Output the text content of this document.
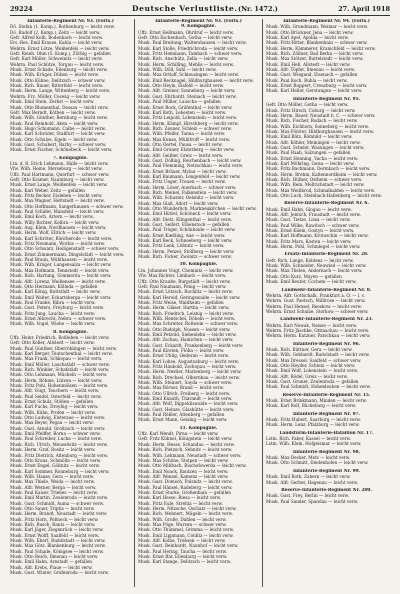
29224	Deutsche Verlustliste. (Nr. 1472.)	27. April 1918
Infanterie-Regiment Nr. 93. (Forts.)
Dö. Stefan (1. Komp.), Rothenburg — leicht verw.
Dö. Rudolf (2. Komp.), Zeitz — leicht verw.
Gefr. Alfred Kolb, Bodenbach — leicht verw.
Ers.-Res. Emil Krause, Kahla — leicht verw.
Wehrm. Ernst Lötze, Weißenfels — leicht verw.
Gefr. Reinh. Ohm (5. Komp.), Zörbig — gefallen
Gefr. Karl Müller, Schweinitz — leicht verw.
Wehrm. Paul Schütze, Torgau — leicht verw.
Musk. Ernst Schade, Eilenburg — leicht verw.
Musk. Wilh. Krüger, Düben — leicht verw.
Musk. Otto Kühne, Delitzsch — schwer verw.
Musk. Rich. Bauer, Bitterfeld — leicht verw.
Musk. Herm. Lange, Wittenberg — leicht verw.
Wehrm. Frz. Möller, Coswig — leicht verw.
Musk. Emil Stein, Zerbst — leicht verw.
Musk. Otto Blumenthal, Dessau — leicht verw.
Gefr. Max Berndt, Köthen — leicht verw.
Musk. Wilh. Günther, Bernburg — leicht verw.
Musk. Paul Reinhold, Aken — leicht verw.
Musk. Hugo Schumann, Calbe — leicht verw.
Musk. Karl Schröder, Staßfurt — leicht verw.
Musk. Otto Schulze, Egeln — leicht verw.
Musk. Gust. Schubert, Barby — schwer verw.
Musk. Ernst Fischer, Schönebeck — leicht verw.
7. Kompagnie.
Ltn. d. R. Erich Lehmann, Halle — leicht verw.
Vfw. Wilh. Heine, Merseburg — leicht verw.
Uffz. Paul Hartmann, Querfurt — schwer verw.
Gefr. Otto Kramer, Naumburg — leicht verw.
Musk. Ernst Lange, Weißenfels — leicht verw.
Musk. Karl Weber, Zeitz — gefallen
Musk. Fritz Becker, Eisleben — leicht verw.
Musk. Max Wagner, Hettstedt — leicht verw.
Musk. Otto Hoffmann, Sangerhausen — schwer verw.
Musk. Paul Schäfer, Mansfeld — leicht verw.
Musk. Emil Koch, Artern — leicht verw.
Musk. Willy Richter, Kelbra — leicht verw.
Musk. Aug. Klein, Nordhausen — leicht verw.
Musk. Herm. Wolf, Ellrich — leicht verw.
Musk. Karl Schröter, Bleicherode — leicht verw.
Musk. Fritz Neumann, Worbis — leicht verw.
Musk. Otto Schwarz, Heiligenstadt — schwer verw.
Musk. Ernst Zimmermann, Dingelstädt — leicht verw.
Musk. Paul Braun, Mühlhausen — leicht verw.
Musk. Wilh. Krüger, Langensalza — leicht verw.
Musk. Max Hofmann, Tennstedt — leicht verw.
Musk. Rich. Hartung, Sömmerda — leicht verw.
Musk. Alfr. Lorenz, Weißensee — leicht verw.
Musk. Otto Hermann, Kölleda — gefallen
Musk. Karl König, Buttstädt — leicht verw.
Musk. Emil Walter, Eckartsberga — leicht verw.
Musk. Paul Franke, Bibra — leicht verw.
Musk. Gust. Peters, Freyburg — leicht verw.
Musk. Fritz Jung, Laucha — leicht verw.
Musk. Ernst Albrecht, Nebra — schwer verw.
Musk. Wilh. Vogel, Wiehe — leicht verw.
8. Kompagnie.
Uffz. Heinr. Friedrich, Roßleben — leicht verw.
Gefr. Otto Keller, Allstedt — leicht verw.
Musk. Paul Günther, Oberröblingen — leicht verw.
Musk. Karl Berger, Teutschenthal — leicht verw.
Musk. Max Frank, Schkopau — leicht verw.
Musk. Emil Möller, Lauchstädt — schwer verw.
Musk. Rich. Winkler, Schafstädt — leicht verw.
Musk. Otto Lehmann, Mücheln — leicht verw.
Musk. Herm. Böhme, Lützen — leicht verw.
Musk. Fritz Pohl, Hohenmölsen — leicht verw.
Musk. Alfr. Voigt, Teuchern — leicht verw.
Musk. Paul Seidel, Osterfeld — leicht verw.
Musk. Ernst Schulz, Stößen — gefallen
Musk. Karl Fuchs, Droyßig — leicht verw.
Musk. Wilh. Kühn, Profen — leicht verw.
Musk. Otto Ludwig, Elsteraue — leicht verw.
Musk. Max Beyer, Pegau — leicht verw.
Musk. Gust. Arnold, Groitzsch — leicht verw.
Musk. Emil Pfeiffer, Borna — schwer verw.
Musk. Paul Schreiber, Lucka — leicht verw.
Musk. Rich. Ulrich, Meuselwitz — leicht verw.
Musk. Herm. Graf, Rositz — leicht verw.
Musk. Fritz Dietrich, Altenburg — leicht verw.
Musk. Otto Kraus, Schmölln — leicht verw.
Musk. Ernst Engel, Gößnitz — leicht verw.
Musk. Karl Sommer, Ronneburg — leicht verw.
Musk. Wilh. Haase, Gera — leicht verw.
Musk. Max Thiele, Weida — leicht verw.
Musk. Alfr. Werner, Berga — leicht verw.
Musk. Paul Kaiser, Triebes — leicht verw.
Musk. Emil Martin, Zeulenroda — leicht verw.
Musk. Gust. Schmidt, Auma — schwer verw.
Musk. Otto Sauer, Triptis — leicht verw.
Musk. Herm. Brandt, Neustadt — leicht verw.
Musk. Fritz Horn, Pößneck — leicht verw.
Musk. Rich. Busch, Ranis — leicht verw.
Musk. Karl Jäger, Ziegenrück — leicht verw.
Musk. Ernst Wolff, Saalfeld — leicht verw.
Musk. Wilh. Ebert, Rudolstadt — leicht verw.
Musk. Max Götz, Blankenburg — leicht verw.
Musk. Paul Schade, Königsee — leicht verw.
Musk. Otto Reich, Ilmenau — leicht verw.
Musk. Emil Hahn, Arnstadt — gefallen
Musk. Alfr. Krebs, Plaue — leicht verw.
Musk. Gust. Winter, Gräfenroda — leicht verw.
Infanterie-Regiment Nr. 93. (Forts.)
9. Kompagnie.
Uffz. Ernst Hellmann, Ohrdruf — leicht verw.
Gefr. Otto Eschenbach, Gotha — leicht verw.
Musk. Paul Breitung, Waltershausen — leicht verw.
Musk. Karl Stolle, Friedrichroda — leicht verw.
Musk. Fritz Hemmann, Tambach — schwer verw.
Musk. Rich. Anschütz, Zella — leicht verw.
Musk. Herm. Schilling, Mehlis — leicht verw.
Musk. Wilh. Döll, Suhl — leicht verw.
Musk. Max Ortloff, Schleusingen — leicht verw.
Musk. Emil Recknagel, Hildburghausen — leicht verw.
Musk. Otto Heym, Eisfeld — leicht verw.
Musk. Alfr. Greiner, Sonneberg — leicht verw.
Musk. Gust. Ehrhardt, Steinach — leicht verw.
Musk. Paul Müller, Lauscha — gefallen
Musk. Ernst Bock, Gräfenthal — leicht verw.
Musk. Karl Roth, Lehesten — leicht verw.
Musk. Fritz Leipold, Lobenstein — leicht verw.
Musk. Herm. Kämpf, Hirschberg — leicht verw.
Musk. Rich. Zeuner, Schleiz — schwer verw.
Musk. Wilh. Pfeifer, Tanna — leicht verw.
Musk. Max Kunze, Mühltroff — leicht verw.
Musk. Otto Oertel, Pausa — leicht verw.
Musk. Emil Gruner, Elsterberg — leicht verw.
Musk. Alfr. Geißler, Greiz — leicht verw.
Musk. Gust. Dölling, Reichenbach — leicht verw.
Musk. Paul Flemming, Netzschkau — leicht verw.
Musk. Ernst Bräuer, Mylau — leicht verw.
Musk. Karl Baumann, Lengenfeld — leicht verw.
Musk. Fritz Unger, Treuen — leicht verw.
Musk. Herm. Löser, Auerbach — schwer verw.
Musk. Rich. Meinel, Falkenstein — leicht verw.
Musk. Wilh. Schuster, Oelsnitz — leicht verw.
Musk. Max Glaß, Adorf — leicht verw.
Musk. Otto Wunderlich, Markneukirchen — leicht verw.
Musk. Emil Hüttel, Schöneck — leicht verw.
Musk. Alfr. Dietz, Klingenthal — leicht verw.
Musk. Gust. Seifert, Eibenstock — gefallen
Musk. Paul Tröger, Schönheide — leicht verw.
Musk. Ernst Kießling, Aue — leicht verw.
Musk. Karl Beck, Schneeberg — leicht verw.
Musk. Fritz Lenk, Lößnitz — leicht verw.
Musk. Herm. Penzel, Stollberg — leicht verw.
Musk. Rich. Ficker, Zwönitz — schwer verw.
10. Kompagnie.
Ltn. Johannes Voigt, Chemnitz — leicht verw.
Vfw. Max Richter, Limbach — leicht verw.
Uffz. Otto Krauße, Burgstädt — leicht verw.
Gefr. Paul Naumann, Penig — leicht verw.
Musk. Ernst Lötzsch, Rochlitz — leicht verw.
Musk. Karl Herold, Geringswalde — leicht verw.
Musk. Fritz Weise, Waldheim — gefallen
Musk. Herm. Gläser, Hartha — leicht verw.
Musk. Rich. Friedrich, Leisnig — leicht verw.
Musk. Wilh. Hentschel, Döbeln — leicht verw.
Musk. Max Schreiter, Roßwein — schwer verw.
Musk. Otto Rudolph, Nossen — leicht verw.
Musk. Emil Petzold, Siebenlehn — leicht verw.
Musk. Alfr. Zschau, Hainichen — leicht verw.
Musk. Gust. Eckardt, Frankenberg — leicht verw.
Musk. Paul Kirsten, Flöha — leicht verw.
Musk. Ernst Uhlig, Oederan — leicht verw.
Musk. Karl Lohse, Augustusburg — leicht verw.
Musk. Fritz Haubold, Zschopau — leicht verw.
Musk. Herm. Nestler, Marienberg — leicht verw.
Musk. Rich. Drechsel, Olbernhau — leicht verw.
Musk. Wilh. Steinert, Sayda — schwer verw.
Musk. Max Börner, Brand — leicht verw.
Musk. Otto Ullrich, Freiberg — leicht verw.
Musk. Emil Knauth, Tharandt — leicht verw.
Musk. Alfr. Wolf, Dippoldiswalde — leicht verw.
Musk. Gust. Heinze, Glashütte — leicht verw.
Musk. Paul Rößler, Altenberg — gefallen
Musk. Ernst Mann, Geising — leicht verw.
11. Kompagnie.
Uffz. Karl Wendt, Pirna — leicht verw.
Gefr. Fritz Kühnel, Königstein — leicht verw.
Musk. Herm. Hesse, Schandau — leicht verw.
Musk. Rich. Pietzsch, Sebnitz — leicht verw.
Musk. Wilh. Lehmann, Neustadt — schwer verw.
Musk. Max Schöne, Stolpen — leicht verw.
Musk. Otto Mißbach, Bischofswerda — leicht verw.
Musk. Emil Noack, Bautzen — leicht verw.
Musk. Alfr. Wenzel, Kamenz — leicht verw.
Musk. Gust. Domsch, Pulsnitz — leicht verw.
Musk. Paul Hänsel, Radeberg — leicht verw.
Musk. Ernst Starke, Großenhain — gefallen
Musk. Karl Hesse, Riesa — leicht verw.
Musk. Fritz Eule, Strehla — leicht verw.
Musk. Herm. Nitzsche, Oschatz — leicht verw.
Musk. Rich. Mehnert, Mügeln — leicht verw.
Musk. Wilh. Große, Dahlen — leicht verw.
Musk. Max Pöge, Wurzen — schwer verw.
Musk. Otto Thümmel, Grimma — leicht verw.
Musk. Emil Lippmann, Colditz — leicht verw.
Musk. Alfr. Kolbe, Trebsen — leicht verw.
Musk. Gust. Reinhardt, Naunhof — leicht verw.
Musk. Paul Hering, Taucha — leicht verw.
Musk. Ernst Bär, Eilenburg — leicht verw.
Musk. Karl Stange, Delitzsch — leicht verw.
Infanterie-Regiment Nr. 94. (Forts.)
Musk. Wilh. Grundmann, Weimar — leicht verw.
Musk. Otto Brückner, Jena — leicht verw.
Musk. Karl Apel, Apolda — leicht verw.
Musk. Fritz Ritter, Blankenhain — schwer verw.
Musk. Herm. Kämmerer, Kranichfeld — leicht verw.
Musk. Rich. Zöllner, Bad Berka — leicht verw.
Musk. Max Stötzer, Buttelstedt — leicht verw.
Musk. Emil Heß, Allstedt — leicht verw.
Musk. Alfr. Töpfer, Ilmenau — leicht verw.
Musk. Gust. Wiegand, Eisenach — gefallen
Musk. Paul Koch, Ruhla — leicht verw.
Musk. Ernst Ruppert, Creuzburg — leicht verw.
Musk. Karl Heller, Gerstungen — leicht verw.
Infanterie-Regiment Nr. 95.
Gefr. Otto Möller, Gotha — leicht verw.
Musk. Fritz Hirsch, Coburg — leicht verw.
Musk. Herm. Bauer, Neustadt b. C. — schwer verw.
Musk. Rich. Fischer, Rodach — leicht verw.
Musk. Wilh. Eichhorn, Sonneberg — leicht verw.
Musk. Max Förster, Hildburghausen — leicht verw.
Musk. Emil Bätz, Römhild — leicht verw.
Musk. Alfr. Köhler, Meiningen — leicht verw.
Musk. Gust. Scheler, Wasungen — leicht verw.
Musk. Paul Raab, Salzungen — gefallen
Musk. Ernst Henning, Vacha — leicht verw.
Musk. Karl Möhring, Geisa — leicht verw.
Musk. Fritz Bachmann, Dermbach — leicht verw.
Musk. Herm. Brehm, Kaltennordheim — leicht verw.
Musk. Rich. Hüfner, Ostheim — schwer verw.
Musk. Wilh. Rein, Mellrichstadt — leicht verw.
Musk. Max Weißbrod, Schmalkalden — leicht verw.
Musk. Otto Luck, Steinbach-Hallenberg — leicht verw.
Reserve-Infanterie-Regiment Nr. 6.
Musk. Emil Hahn, Glogau — leicht verw.
Musk. Alfr. Jentsch, Fraustadt — leicht verw.
Musk. Gust. Tietze, Lissa — leicht verw.
Musk. Paul Wilke, Rawitsch — schwer verw.
Musk. Ernst Kliem, Gostyn — leicht verw.
Musk. Karl Hoffmann, Krotoschin — leicht verw.
Musk. Fritz Marx, Kosten — leicht verw.
Musk. Herm. Pohl, Schmiegel — leicht verw.
Ersatz-Infanterie-Regiment Nr. 28.
Gefr. Rich. Lange, Koblenz — leicht verw.
Musk. Wilh. Schneider, Neuwied — leicht verw.
Musk. Max Thelen, Andernach — leicht verw.
Musk. Otto Kurz, Mayen — gefallen
Musk. Emil Reuter, Cochem — leicht verw.
Landwehr-Infanterie-Regiment Nr. 8.
Wehrm. Alfr. Gottschalk, Frankfurt a. O. — l. v.
Wehrm. Gust. Paetsch, Müllrose — leicht verw.
Wehrm. Paul Hensel, Beeskow — leicht verw.
Wehrm. Ernst Schulze, Storkow — schwer verw.
Landwehr-Infanterie-Regiment Nr. 23.
Wehrm. Karl Nowak, Neisse — leicht verw.
Wehrm. Fritz Jäschke, Ottmachau — leicht verw.
Wehrm. Herm. Kutzner, Patschkau — leicht verw.
Infanterie-Regiment Nr. 96.
Musk. Rich. Büttner, Gera — leicht verw.
Musk. Wilh. Gebhardt, Rudolstadt — leicht verw.
Musk. Max Dressel, Saalfeld — schwer verw.
Musk. Otto Heyder, Schleiz — leicht verw.
Musk. Emil Wolf, Lobenstein — leicht verw.
Musk. Alfr. Rödel, Greiz — leicht verw.
Musk. Gust. Gruner, Zeulenroda — gefallen
Musk. Paul Schmidt, Hohenleuben — leicht verw.
Reserve-Infanterie-Regiment Nr. 15.
Musk. Ernst Brinkmann, Minden — leicht verw.
Musk. Karl Rolf, Bückeburg — leicht verw.
Infanterie-Regiment Nr. 97.
Musk. Fritz Hubert, Saarburg — leicht verw.
Musk. Herm. Lenz, Pfalzburg — leicht verw.
Landsturm-Infanterie-Bataillon Nr. 17.
Lstm. Rich. Faber, Kassel — leicht verw.
Lstm. Wilh. Klein, Hofgeismar — leicht verw.
Infanterie-Regiment Nr. 98.
Musk. Max Decker, Metz — leicht verw.
Musk. Otto Schmitt, Diedenhofen — leicht verw.
Infanterie-Regiment Nr. 99.
Musk. Emil Roth, Zabern — leicht verw.
Musk. Alfr. Gerber, Hagenau — leicht verw.
Reserve-Infanterie-Regiment Nr. 200.
Musk. Gust. Frey, Berlin — leicht verw.
Musk. Paul Sander, Spandau — leicht verw.
